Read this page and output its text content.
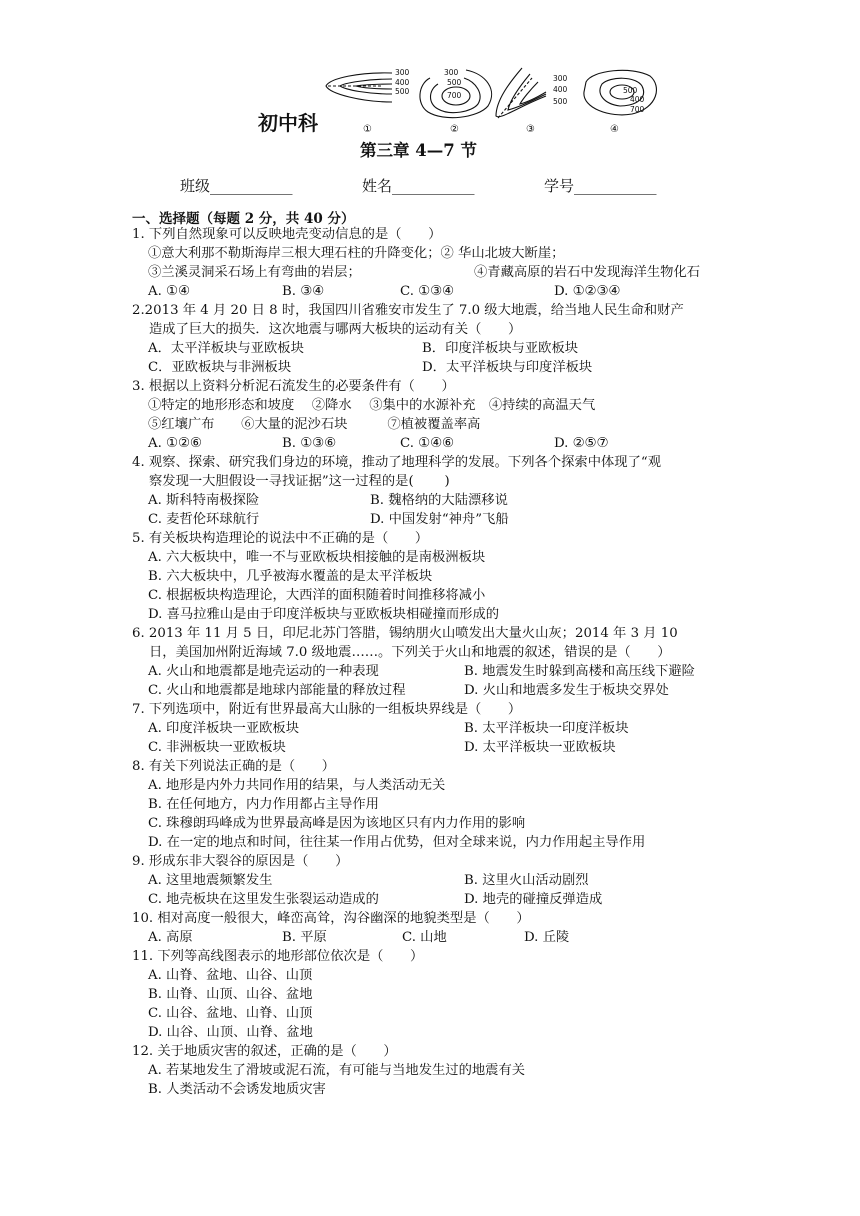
300
400
500
①
300
500
700
②
300
400
500
③
500
400
700
④
初中科
第三章 4—7 节
班级___________	姓名___________	学号___________
一、选择题（每题 2 分，共 40 分）
1. 下列自然现象可以反映地壳变动信息的是（　　）
①意大利那不勒斯海岸三根大理石柱的升降变化；② 华山北坡大断崖；
③兰溪灵洞采石场上有弯曲的岩层；	④青藏高原的岩石中发现海洋生物化石
A. ①④	B. ③④	C. ①③④	D. ①②③④
2.2013 年 4 月 20 日 8 时，我国四川省雅安市发生了 7.0 级大地震，给当地人民生命和财产
造成了巨大的损失．这次地震与哪两大板块的运动有关（　　）
A．太平洋板块与亚欧板块	B．印度洋板块与亚欧板块
C．亚欧板块与非洲板块	D．太平洋板块与印度洋板块
3. 根据以上资料分析泥石流发生的必要条件有（　　）
①特定的地形形态和坡度　 ②降水　 ③集中的水源补充　④持续的高温天气
⑤红壤广布　　⑥大量的泥沙石块　　　⑦植被覆盖率高
A. ①②⑥	B. ①③⑥	C. ①④⑥	D. ②⑤⑦
4. 观察、探索、研究我们身边的环境，推动了地理科学的发展。下列各个探索中体现了“观
察发现一大胆假设一寻找证据”这一过程的是(　　 )
A. 斯科特南极探险	B. 魏格纳的大陆漂移说
C. 麦哲伦环球航行	D. 中国发射“神舟”飞船
5. 有关板块构造理论的说法中不正确的是（　　）
A. 六大板块中，唯一不与亚欧板块相接触的是南极洲板块
B. 六大板块中，几乎被海水覆盖的是太平洋板块
C. 根据板块构造理论，大西洋的面积随着时间推移将减小
D. 喜马拉雅山是由于印度洋板块与亚欧板块相碰撞而形成的
6. 2013 年 11 月 5 日，印尼北苏门答腊，锡纳朋火山喷发出大量火山灰；2014 年 3 月 10
日，美国加州附近海域 7.0 级地震……。下列关于火山和地震的叙述，错误的是（　　）
A. 火山和地震都是地壳运动的一种表现	B. 地震发生时躲到高楼和高压线下避险
C. 火山和地震都是地球内部能量的释放过程	D. 火山和地震多发生于板块交界处
7. 下列选项中，附近有世界最高大山脉的一组板块界线是（　　）
A. 印度洋板块一亚欧板块	B. 太平洋板块一印度洋板块
C. 非洲板块一亚欧板块	D. 太平洋板块一亚欧板块
8. 有关下列说法正确的是（　　）
A. 地形是内外力共同作用的结果，与人类活动无关
B. 在任何地方，内力作用都占主导作用
C. 珠穆朗玛峰成为世界最高峰是因为该地区只有内力作用的影响
D. 在一定的地点和时间，往往某一作用占优势，但对全球来说，内力作用起主导作用
9. 形成东非大裂谷的原因是（　　）
A. 这里地震频繁发生	B. 这里火山活动剧烈
C. 地壳板块在这里发生张裂运动造成的	D. 地壳的碰撞反弹造成
10. 相对高度一般很大，峰峦高耸，沟谷幽深的地貌类型是（　　）
A. 高原	B. 平原	C. 山地	D. 丘陵
11. 下列等高线图表示的地形部位依次是（　　）
A. 山脊、盆地、山谷、山顶
B. 山脊、山顶、山谷、盆地
C. 山谷、盆地、山脊、山顶
D. 山谷、山顶、山脊、盆地
12. 关于地质灾害的叙述，正确的是（　　）
A. 若某地发生了滑坡或泥石流，有可能与当地发生过的地震有关
B. 人类活动不会诱发地质灾害
